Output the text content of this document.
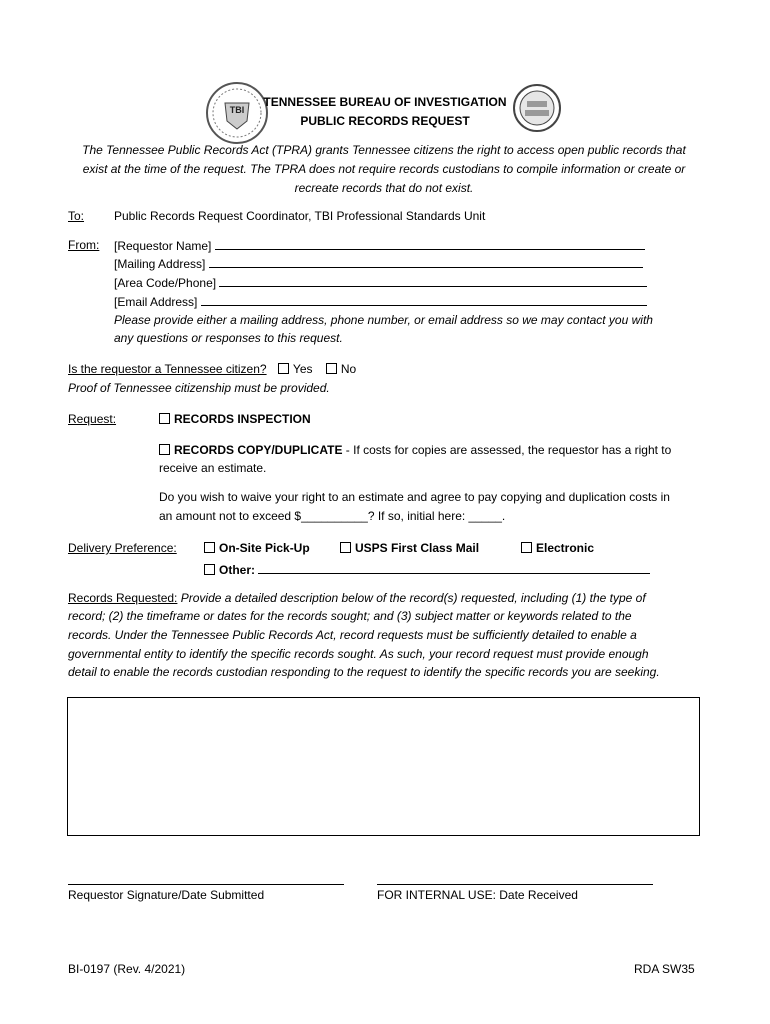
TBI
TENNESSEE BUREAU OF INVESTIGATION
PUBLIC RECORDS REQUEST
The Tennessee Public Records Act (TPRA) grants Tennessee citizens the right to access open public records that
exist at the time of the request. The TPRA does not require records custodians to compile information or create or
recreate records that do not exist.
To: Public Records Request Coordinator, TBI Professional Standards Unit
From: [Requestor Name]
[Mailing Address]
[Area Code/Phone]
[Email Address]
Please provide either a mailing address, phone number, or email address so we may contact you with
any questions or responses to this request.
Is the requestor a Tennessee citizen? Yes No
Proof of Tennessee citizenship must be provided.
Request:	RECORDS INSPECTION
RECORDS COPY/DUPLICATE - If costs for copies are assessed, the requestor has a right to
receive an estimate.
Do you wish to waive your right to an estimate and agree to pay copying and duplication costs in
an amount not to exceed $__________? If so, initial here: _____.
Delivery Preference:	On-Site Pick-Up	USPS First Class Mail	Electronic
Other:
Records Requested: Provide a detailed description below of the record(s) requested, including (1) the type of
record; (2) the timeframe or dates for the records sought; and (3) subject matter or keywords related to the
records. Under the Tennessee Public Records Act, record requests must be sufficiently detailed to enable a
governmental entity to identify the specific records sought. As such, your record request must provide enough
detail to enable the records custodian responding to the request to identify the specific records you are seeking.
Requestor Signature/Date Submitted	FOR INTERNAL USE: Date Received
BI-0197 (Rev. 4/2021)	RDA SW35
